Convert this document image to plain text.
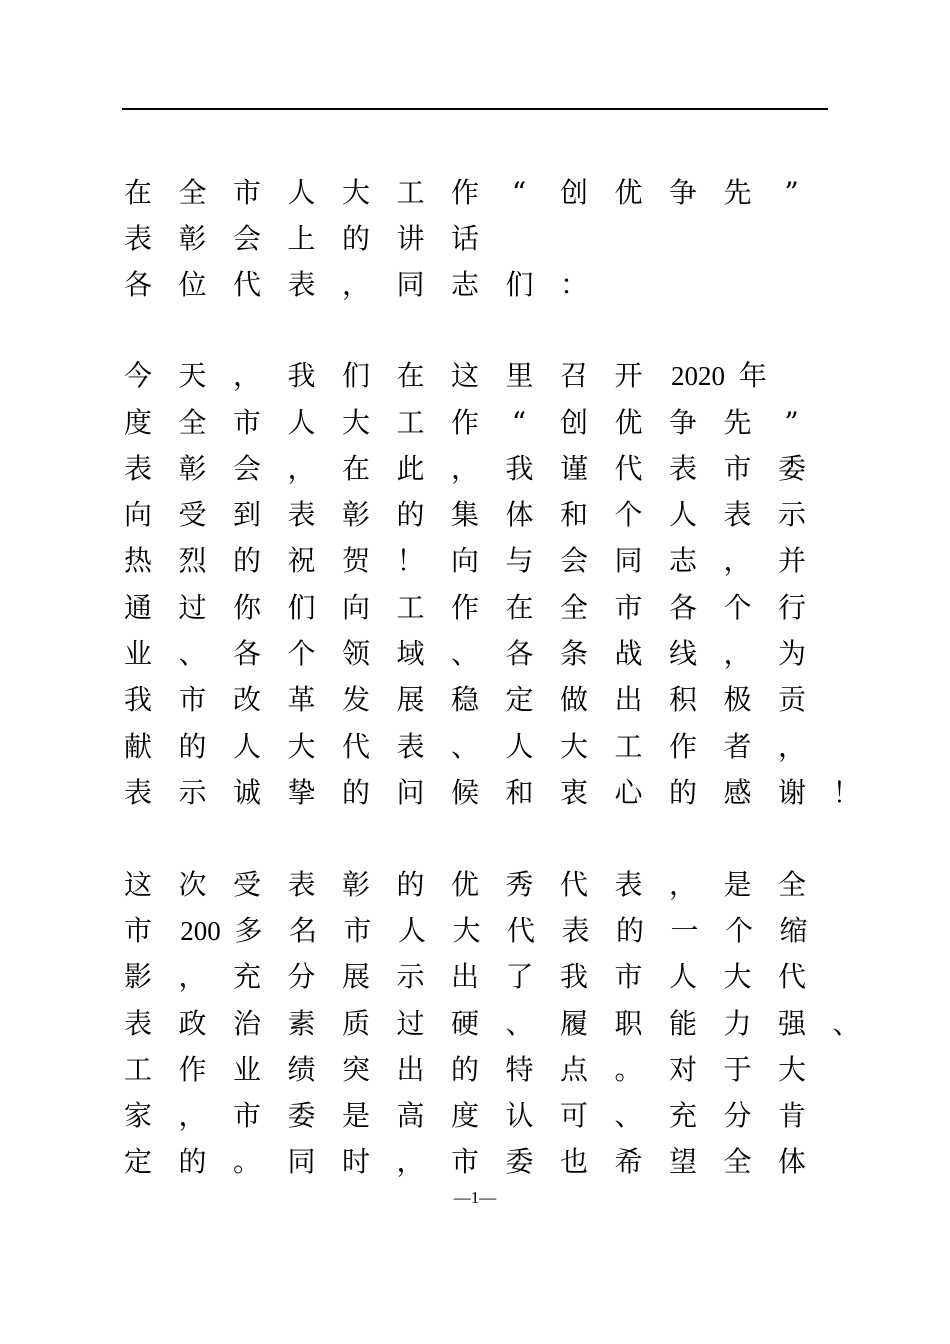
在 全 市 人 大 工 作 “ 创 优 争 先 ”
表 彰 会 上 的 讲 话
各 位 代 表 ， 同 志 们 ：
今 天 ， 我 们 在 这 里 召 开 2020 年
度 全 市 人 大 工 作 “ 创 优 争 先 ”
表 彰 会 ， 在 此 ， 我 谨 代 表 市 委
向 受 到 表 彰 的 集 体 和 个 人 表 示
热 烈 的 祝 贺 ！ 向 与 会 同 志 ， 并
通 过 你 们 向 工 作 在 全 市 各 个 行
业 、 各 个 领 域 、 各 条 战 线 ， 为
我 市 改 革 发 展 稳 定 做 出 积 极 贡
献 的 人 大 代 表 、 人 大 工 作 者 ，
表 示 诚 挚 的 问 候 和 衷 心 的 感 谢 ！
这 次 受 表 彰 的 优 秀 代 表 ， 是 全
市 200 多 名 市 人 大 代 表 的 一 个 缩
影 ， 充 分 展 示 出 了 我 市 人 大 代
表 政 治 素 质 过 硬 、 履 职 能 力 强 、
工 作 业 绩 突 出 的 特 点 。 对 于 大
家 ， 市 委 是 高 度 认 可 、 充 分 肯
定 的 。 同 时 ， 市 委 也 希 望 全 体
—1—
